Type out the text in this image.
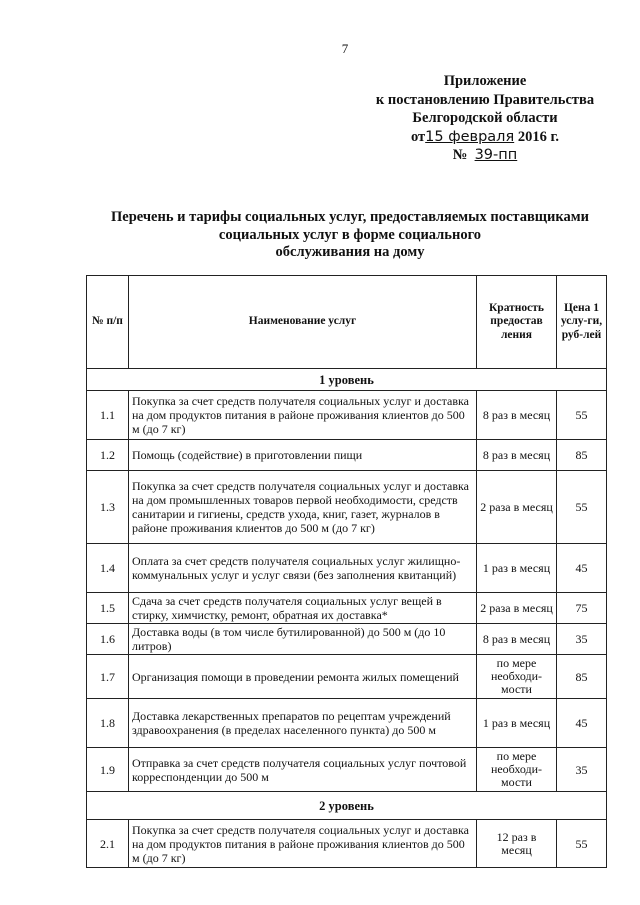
7
Приложение
к постановлению Правительства
Белгородской области
от15 февраля 2016 г.
№ 39-пп
Перечень и тарифы социальных услуг, предоставляемых поставщиками
социальных услуг в форме социального
обслуживания на дому
№ п/п	Наименование услуг	Кратность предостав ления	Цена 1 услу-ги, руб-лей
1 уровень			
1.1	Покупка за счет средств получателя социальных услуг и доставка на дом продуктов питания в районе проживания клиентов до 500 м (до 7 кг)	8 раз в месяц	55
1.2	Помощь (содействие) в приготовлении пищи	8 раз в месяц	85
1.3	Покупка за счет средств получателя социальных услуг и доставка на дом промышленных товаров первой необходимости, средств санитарии и гигиены, средств ухода, книг, газет, журналов в районе проживания клиентов до 500 м (до 7 кг)	2 раза в месяц	55
1.4	Оплата за счет средств получателя социальных услуг жилищно-коммунальных услуг и услуг связи (без заполнения квитанций)	1 раз в месяц	45
1.5	Сдача за счет средств получателя социальных услуг вещей в стирку, химчистку, ремонт, обратная их доставка*	2 раза в месяц	75
1.6	Доставка воды (в том числе бутилированной) до 500 м (до 10 литров)	8 раз в месяц	35
1.7	Организация помощи в проведении ремонта жилых помещений	по мере необходи-мости	85
1.8	Доставка лекарственных препаратов по рецептам учреждений здравоохранения (в пределах населенного пункта) до 500 м	1 раз в месяц	45
1.9	Отправка за счет средств получателя социальных услуг почтовой корреспонденции до 500 м	по мере необходи-мости	35
2 уровень			
2.1	Покупка за счет средств получателя социальных услуг и доставка на дом продуктов питания в районе проживания клиентов до 500 м (до 7 кг)	12 раз в месяц	55
